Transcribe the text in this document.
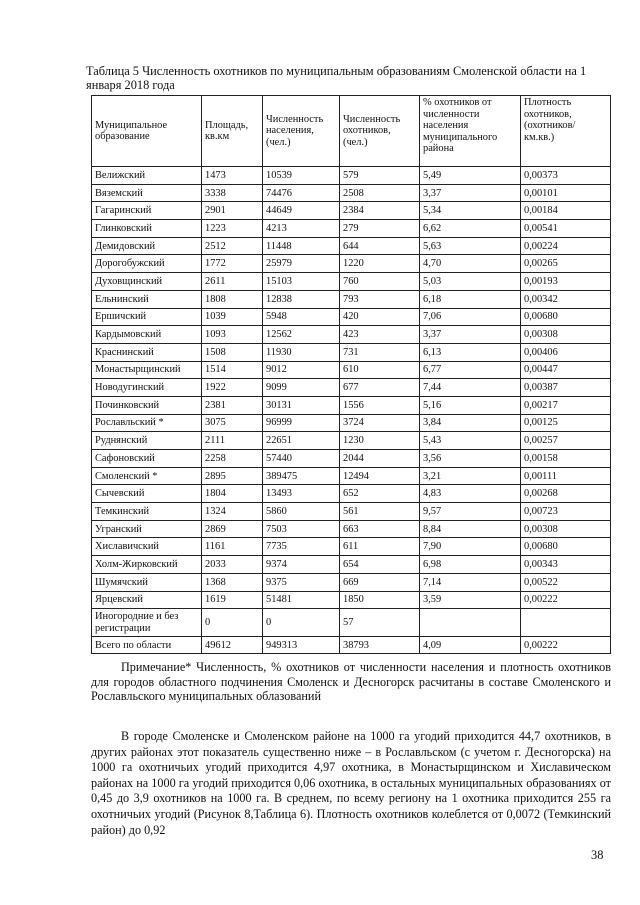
Таблица 5 Численность охотников по муниципальным образованиям Смоленской области на 1 января 2018 года
Муниципальное образование	Площадь, кв.км	Численность населения, (чел.)	Численность охотников, (чел.)	% охотников от численности населения муниципального района	Плотность охотников, (охотников/ км.кв.)
Велижский	1473	10539	579	5,49	0,00373
Вяземский	3338	74476	2508	3,37	0,00101
Гагаринский	2901	44649	2384	5,34	0,00184
Глинковский	1223	4213	279	6,62	0,00541
Демидовский	2512	11448	644	5,63	0,00224
Дорогобужский	1772	25979	1220	4,70	0,00265
Духовщинский	2611	15103	760	5,03	0,00193
Ельнинский	1808	12838	793	6,18	0,00342
Ершичский	1039	5948	420	7,06	0,00680
Кардымовский	1093	12562	423	3,37	0,00308
Краснинский	1508	11930	731	6,13	0,00406
Монастырщинский	1514	9012	610	6,77	0,00447
Новодугинский	1922	9099	677	7,44	0,00387
Починковский	2381	30131	1556	5,16	0,00217
Рославльский *	3075	96999	3724	3,84	0,00125
Руднянский	2111	22651	1230	5,43	0,00257
Сафоновский	2258	57440	2044	3,56	0,00158
Смоленский *	2895	389475	12494	3,21	0,00111
Сычевский	1804	13493	652	4,83	0,00268
Темкинский	1324	5860	561	9,57	0,00723
Угранский	2869	7503	663	8,84	0,00308
Хиславичский	1161	7735	611	7,90	0,00680
Холм-Жирковский	2033	9374	654	6,98	0,00343
Шумячский	1368	9375	669	7,14	0,00522
Ярцевский	1619	51481	1850	3,59	0,00222
Иногородние и без регистрации	0	0	57		
Всего по области	49612	949313	38793	4,09	0,00222
Примечание* Численность, % охотников от численности населения и плотность охотников для городов областного подчинения Смоленск и Десногорск расчитаны в составе Смоленского и Рославльского муниципальных облазований
В городе Смоленске и Смоленском районе на 1000 га угодий приходится 44,7 охотников, в других районах этот показатель существенно ниже – в Рославльском (с учетом г. Десногорска) на 1000 га охотничьих угодий приходится 4,97 охотника, в Монастырщинском и Хиславическом районах на 1000 га угодий приходится 0,06 охотника, в остальных муниципальных образованиях от 0,45 до 3,9 охотников на 1000 га. В среднем, по всему региону на 1 охотника приходится 255 га охотничьих угодий (Рисунок 8,Таблица 6). Плотность охотников колеблется от 0,0072 (Темкинский район) до 0,92
38
